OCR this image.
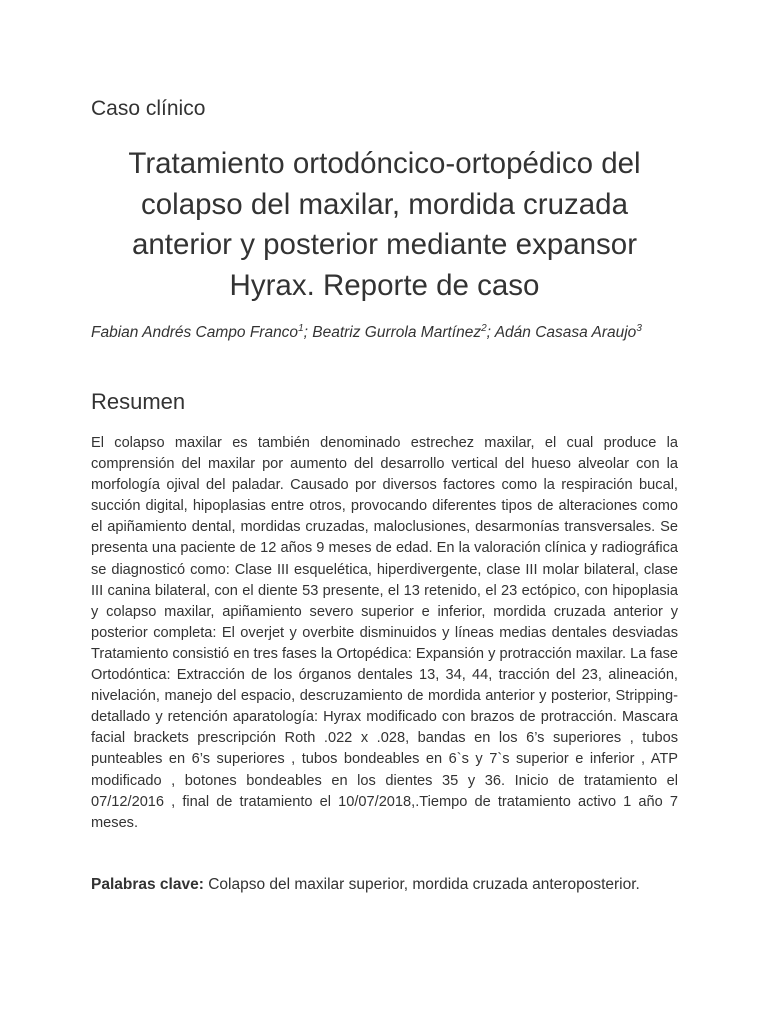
Caso clínico
Tratamiento ortodóncico-ortopédico del colapso del maxilar, mordida cruzada anterior y posterior mediante expansor Hyrax. Reporte de caso

Fabian Andrés Campo Franco$^1$; Beatriz Gurrola Martínez$^2$; Adán Casasa Araujo$^3$

Resumen

El colapso maxilar es también denominado estrechez maxilar, el cual produce la comprensión del maxilar por aumento del desarrollo vertical del hueso alveolar con la morfología ojival del paladar. Causado por diversos factores como la respiración bucal, succión digital, hipoplasias entre otros, provocando diferentes tipos de alteraciones como el apiñamiento dental, mordidas cruzadas, maloclusiones, desarmonías transversales. Se presenta una paciente de 12 años 9 meses de edad. En la valoración clínica y radiográfica se diagnosticó como: Clase III esquelética, hiperdivergente, clase III molar bilateral, clase III canina bilateral, con el diente 53 presente, el 13 retenido, el 23 ectópico, con hipoplasia y colapso maxilar, apiñamiento severo superior e inferior, mordida cruzada anterior y posterior completa: El overjet y overbite disminuidos y líneas medias dentales desviadas Tratamiento consistió en tres fases la Ortopédica: Expansión y protracción maxilar. La fase Ortodóntica: Extracción de los órganos dentales 13, 34, 44, tracción del 23, alineación, nivelación, manejo del espacio, descruzamiento de mordida anterior y posterior, Stripping- detallado y retención aparatología: Hyrax modificado con brazos de protracción. Mascara facial brackets prescripción Roth .022 x .028, bandas en los 6’s superiores , tubos punteables en 6’s superiores , tubos bondeables en 6`s y 7`s superior e inferior , ATP modificado , botones bondeables en los dientes 35 y 36. Inicio de tratamiento el 07/12/2016 , final de tratamiento el 10/07/2018,.Tiempo de tratamiento activo 1 año 7 meses.

Palabras clave: Colapso del maxilar superior, mordida cruzada anteroposterior.
